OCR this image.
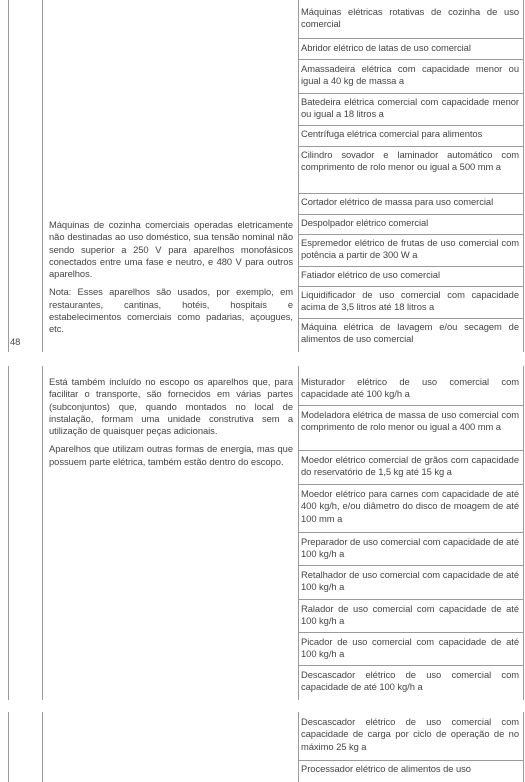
Máquinas elétricas rotativas de cozinha de uso comercial
Abridor elétrico de latas de uso comercial
Amassadeira elétrica com capacidade menor ou igual a 40 kg de massa a
Batedeira elétrica comercial com capacidade menor ou igual a 18 litros a
Centrífuga elétrica comercial para alimentos
Cilindro sovador e laminador automático com comprimento de rolo menor ou igual a 500 mm a
Cortador elétrico de massa para uso comercial
Despolpador elétrico comercial
Espremedor elétrico de frutas de uso comercial com potência a partir de 300 W a
Fatiador elétrico de uso comercial
Liquidificador de uso comercial com capacidade acima de 3,5 litros até 18 litros a
Máquina elétrica de lavagem e/ou secagem de alimentos de uso comercial

Máquinas de cozinha comerciais operadas eletricamente não destinadas ao uso doméstico, sua tensão nominal não sendo superior a 250 V para aparelhos monofásicos conectados entre uma fase e neutro, e 480 V para outros aparelhos.

Nota: Esses aparelhos são usados, por exemplo, em restaurantes, cantinas, hotéis, hospitais e estabelecimentos comerciais como padarias, açougues, etc.

48

Está também incluído no escopo os aparelhos que, para facilitar o transporte, são fornecidos em várias partes (subconjuntos) que, quando montados no local de instalação, formam uma unidade construtiva sem a utilização de quaisquer peças adicionais.

Aparelhos que utilizam outras formas de energia, mas que possuem parte elétrica, também estão dentro do escopo.

Misturador elétrico de uso comercial com capacidade até 100 kg/h a
Modeladora elétrica de massa de uso comercial com comprimento de rolo menor ou igual a 400 mm a
Moedor elétrico comercial de grãos com capacidade do reservatório de 1,5 kg até 15 kg a
Moedor elétrico para carnes com capacidade de até 400 kg/h, e/ou diâmetro do disco de moagem de até 100 mm a
Preparador de uso comercial com capacidade de até 100 kg/h a
Retalhador de uso comercial com capacidade de até 100 kg/h a
Ralador de uso comercial com capacidade de até 100 kg/h a
Picador de uso comercial com capacidade de até 100 kg/h a
Descascador elétrico de uso comercial com capacidade de até 100 kg/h a
Descascador elétrico de uso comercial com capacidade de carga por ciclo de operação de no máximo 25 kg a
Processador elétrico de alimentos de uso
